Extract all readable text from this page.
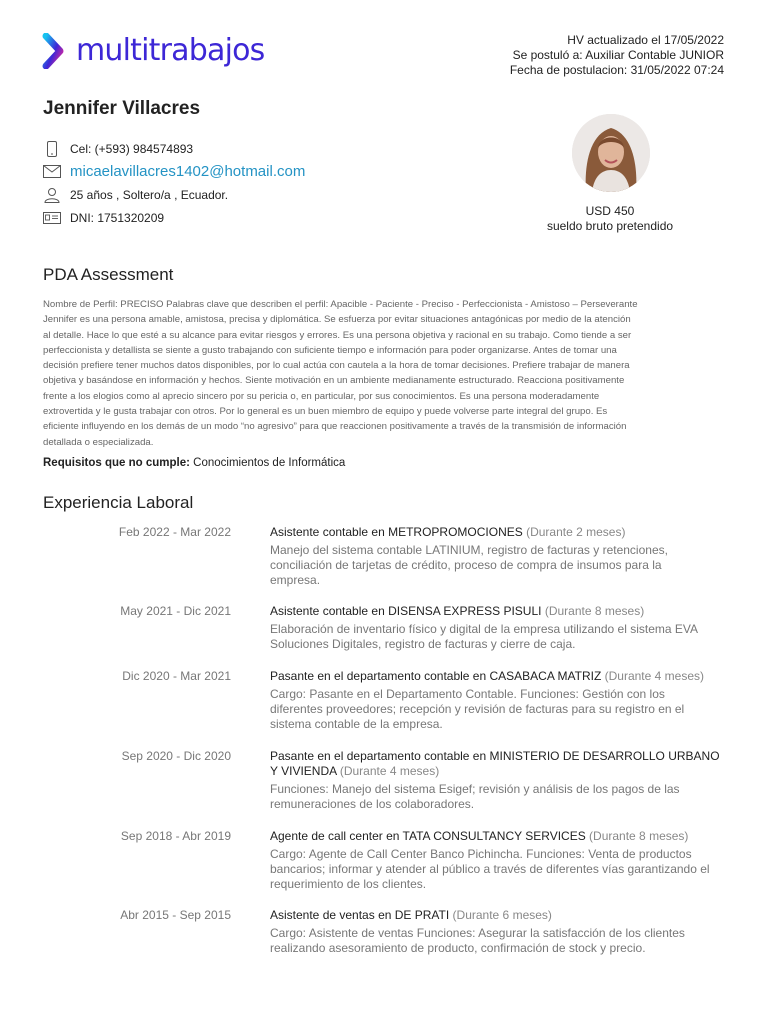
multitrabajos	HV actualizado el 17/05/2022
Se postuló a: Auxiliar Contable JUNIOR
Fecha de postulacion: 31/05/2022 07:24
Jennifer Villacres
Cel: (+593) 984574893
micaelavillacres1402@hotmail.com
25 años , Soltero/a , Ecuador.
DNI: 1751320209	USD 450
sueldo bruto pretendido
PDA Assessment
Nombre de Perfil: PRECISO Palabras clave que describen el perfil: Apacible - Paciente - Preciso - Perfeccionista - Amistoso – Perseverante
Jennifer es una persona amable, amistosa, precisa y diplomática. Se esfuerza por evitar situaciones antagónicas por medio de la atención
al detalle. Hace lo que esté a su alcance para evitar riesgos y errores. Es una persona objetiva y racional en su trabajo. Como tiende a ser
perfeccionista y detallista se siente a gusto trabajando con suficiente tiempo e información para poder organizarse. Antes de tomar una
decisión prefiere tener muchos datos disponibles, por lo cual actúa con cautela a la hora de tomar decisiones. Prefiere trabajar de manera
objetiva y basándose en información y hechos. Siente motivación en un ambiente medianamente estructurado. Reacciona positivamente
frente a los elogios como al aprecio sincero por su pericia o, en particular, por sus conocimientos. Es una persona moderadamente
extrovertida y le gusta trabajar con otros. Por lo general es un buen miembro de equipo y puede volverse parte integral del grupo. Es
eficiente influyendo en los demás de un modo “no agresivo” para que reaccionen positivamente a través de la transmisión de información
detallada o especializada.
Requisitos que no cumple: Conocimientos de Informática
Experiencia Laboral
Feb 2022 - Mar 2022	Asistente contable en METROPROMOCIONES (Durante 2 meses)
Manejo del sistema contable LATINIUM, registro de facturas y retenciones,
conciliación de tarjetas de crédito, proceso de compra de insumos para la
empresa.
May 2021 - Dic 2021	Asistente contable en DISENSA EXPRESS PISULI (Durante 8 meses)
Elaboración de inventario físico y digital de la empresa utilizando el sistema EVA
Soluciones Digitales, registro de facturas y cierre de caja.
Dic 2020 - Mar 2021	Pasante en el departamento contable en CASABACA MATRIZ (Durante 4 meses)
Cargo: Pasante en el Departamento Contable. Funciones: Gestión con los
diferentes proveedores; recepción y revisión de facturas para su registro en el
sistema contable de la empresa.
Sep 2020 - Dic 2020	Pasante en el departamento contable en MINISTERIO DE DESARROLLO URBANO Y VIVIENDA (Durante 4 meses)
Funciones: Manejo del sistema Esigef; revisión y análisis de los pagos de las
remuneraciones de los colaboradores.
Sep 2018 - Abr 2019	Agente de call center en TATA CONSULTANCY SERVICES (Durante 8 meses)
Cargo: Agente de Call Center Banco Pichincha. Funciones: Venta de productos
bancarios; informar y atender al público a través de diferentes vías garantizando el
requerimiento de los clientes.
Abr 2015 - Sep 2015	Asistente de ventas en DE PRATI (Durante 6 meses)
Cargo: Asistente de ventas Funciones: Asegurar la satisfacción de los clientes
realizando asesoramiento de producto, confirmación de stock y precio.
